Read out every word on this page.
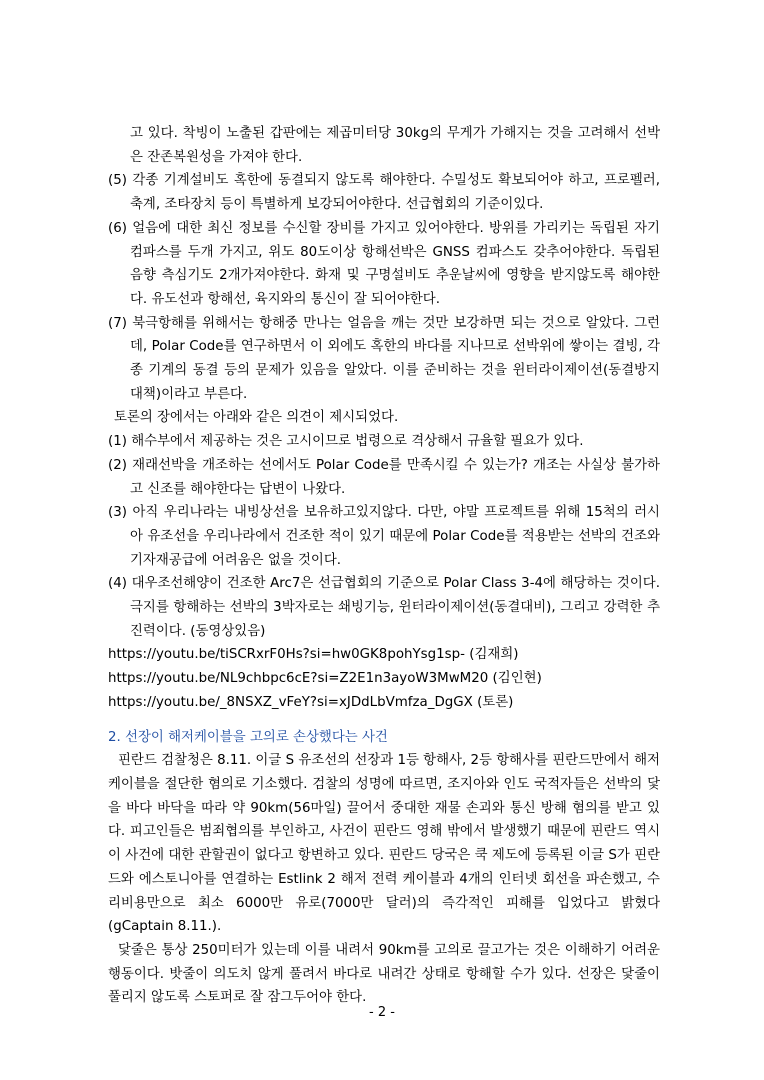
고 있다. 착빙이 노출된 갑판에는 제곱미터당 30kg의 무게가 가해지는 것을 고려해서 선박은 잔존복원성을 가져야 한다.

(5) 각종 기계설비도 혹한에 동결되지 않도록 해야한다. 수밀성도 확보되어야 하고, 프로펠러, 축계, 조타장치 등이 특별하게 보강되어야한다. 선급협회의 기준이있다.

(6) 얼음에 대한 최신 정보를 수신할 장비를 가지고 있어야한다. 방위를 가리키는 독립된 자기 컴파스를 두개 가지고, 위도 80도이상 항해선박은 GNSS 컴파스도 갖추어야한다. 독립된 음향 측심기도 2개가져야한다. 화재 및 구명설비도 추운날씨에 영향을 받지않도록 해야한다. 유도선과 항해선, 육지와의 통신이 잘 되어야한다.

(7) 북극항해를 위해서는 항해중 만나는 얼음을 깨는 것만 보강하면 되는 것으로 알았다. 그런데, Polar Code를 연구하면서 이 외에도 혹한의 바다를 지나므로 선박위에 쌓이는 결빙, 각종 기계의 동결 등의 문제가 있음을 알았다. 이를 준비하는 것을 윈터라이제이션(동결방지대책)이라고 부른다.

토론의 장에서는 아래와 같은 의견이 제시되었다.

(1) 해수부에서 제공하는 것은 고시이므로 법령으로 격상해서 규율할 필요가 있다.

(2) 재래선박을 개조하는 선에서도 Polar Code를 만족시킬 수 있는가? 개조는 사실상 불가하고 신조를 해야한다는 답변이 나왔다.

(3) 아직 우리나라는 내빙상선을 보유하고있지않다. 다만, 야말 프로젝트를 위해 15척의 러시아 유조선을 우리나라에서 건조한 적이 있기 때문에 Polar Code를 적용받는 선박의 건조와 기자재공급에 어려움은 없을 것이다.

(4) 대우조선해양이 건조한 Arc7은 선급협회의 기준으로 Polar Class 3-4에 해당하는 것이다. 극지를 항해하는 선박의 3박자로는 쇄빙기능, 윈터라이제이션(동결대비), 그리고 강력한 추진력이다. (동영상있음)

https://youtu.be/tiSCRxrF0Hs?si=hw0GK8pohYsg1sp- (김재희)

https://youtu.be/NL9chbpc6cE?si=Z2E1n3ayoW3MwM20 (김인현)

https://youtu.be/_8NSXZ_vFeY?si=xJDdLbVmfza_DgGX (토론)

2. 선장이 해저케이블을 고의로 손상했다는 사건

핀란드 검찰청은 8.11. 이글 S 유조선의 선장과 1등 항해사, 2등 항해사를 핀란드만에서 해저케이블을 절단한 혐의로 기소했다. 검찰의 성명에 따르면, 조지아와 인도 국적자들은 선박의 닻을 바다 바닥을 따라 약 90km(56마일) 끌어서 중대한 재물 손괴와 통신 방해 혐의를 받고 있다. 피고인들은 범죄협의를 부인하고, 사건이 핀란드 영해 밖에서 발생했기 때문에 핀란드 역시 이 사건에 대한 관할권이 없다고 항변하고 있다. 핀란드 당국은 쿡 제도에 등록된 이글 S가 핀란드와 에스토니아를 연결하는 Estlink 2 해저 전력 케이블과 4개의 인터넷 회선을 파손했고, 수리비용만으로 최소 6000만 유로(7000만 달러)의 즉각적인 피해를 입었다고 밝혔다(gCaptain 8.11.).

닻줄은 통상 250미터가 있는데 이를 내려서 90km를 고의로 끌고가는 것은 이해하기 어려운 행동이다. 밧줄이 의도치 않게 풀려서 바다로 내려간 상태로 항해할 수가 있다. 선장은 닻줄이 풀리지 않도록 스토퍼로 잘 잠그두어야 한다.

- 2 -
